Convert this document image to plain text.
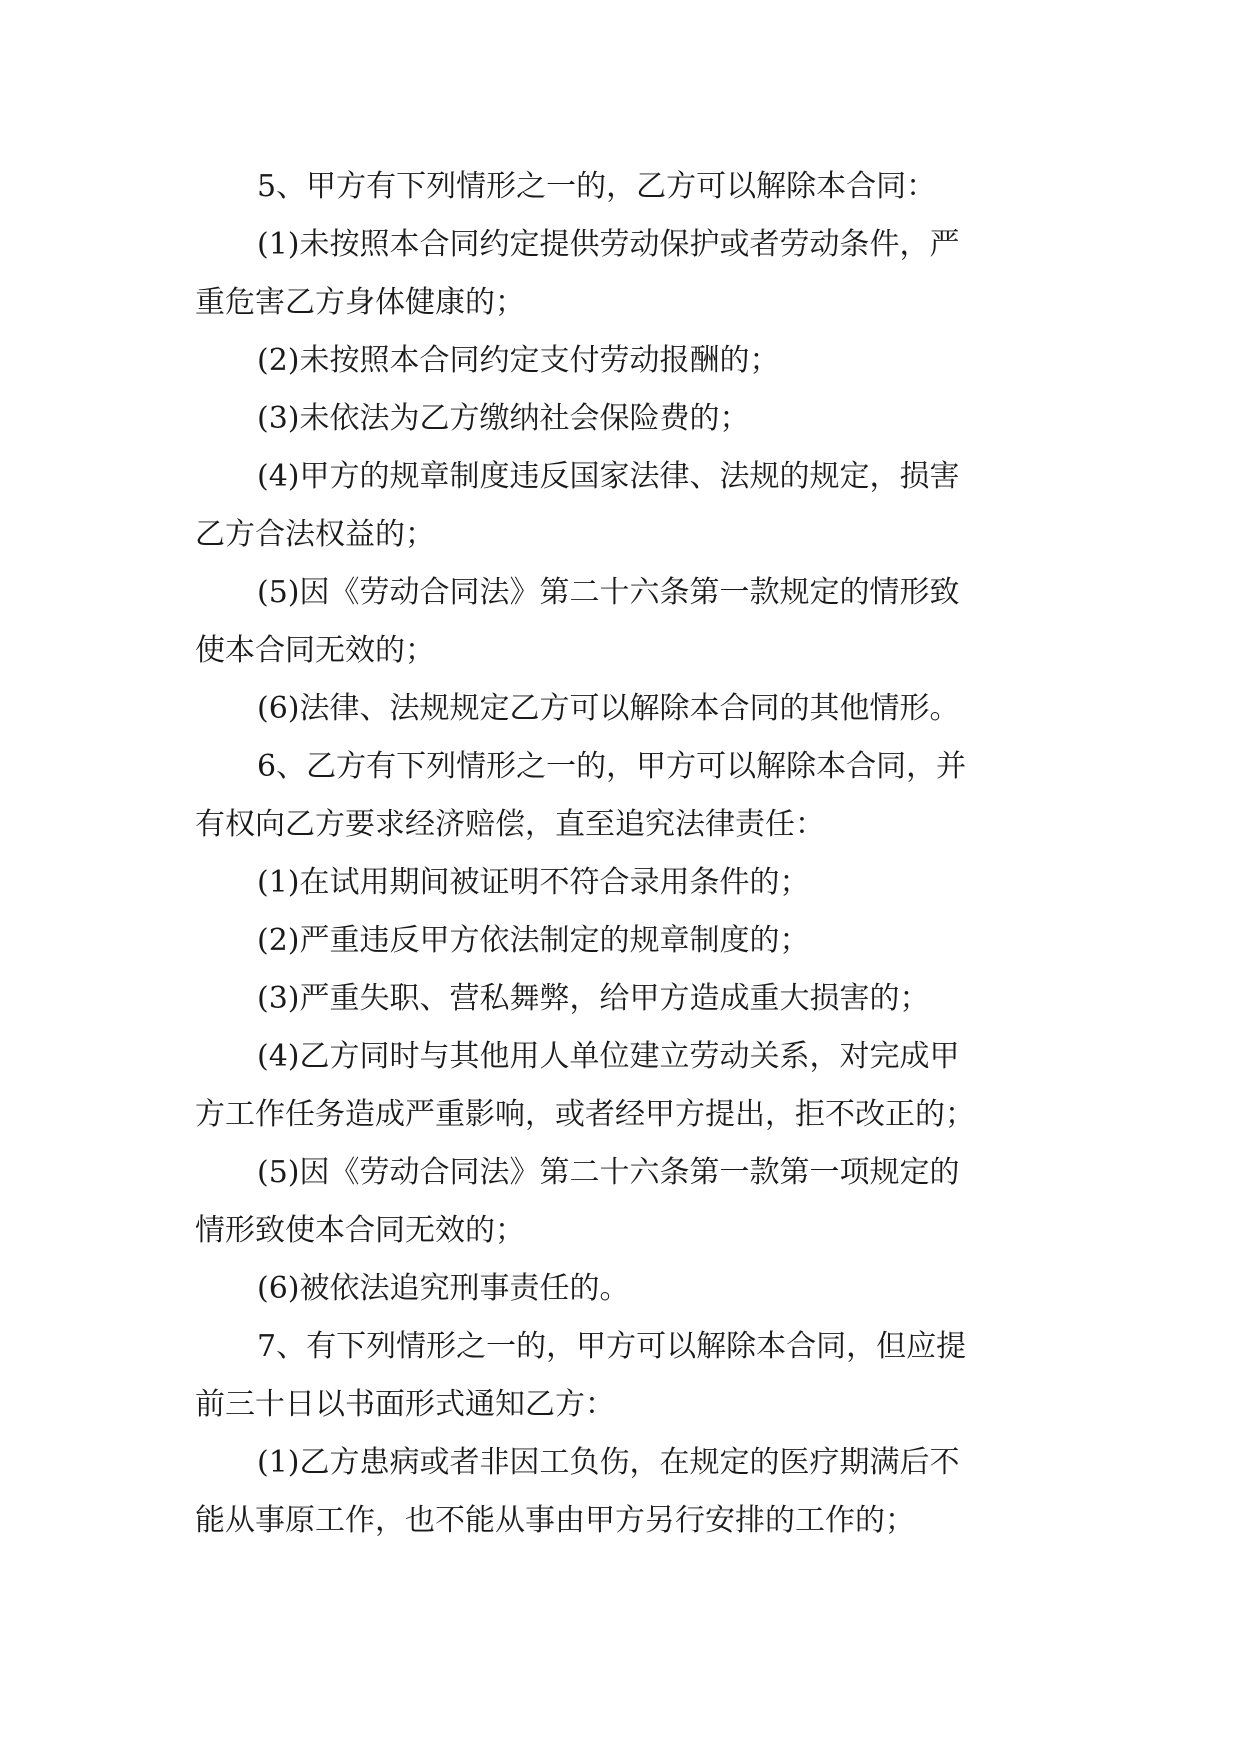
5、甲方有下列情形之一的，乙方可以解除本合同：
(1)未按照本合同约定提供劳动保护或者劳动条件，严
重危害乙方身体健康的；
(2)未按照本合同约定支付劳动报酬的；
(3)未依法为乙方缴纳社会保险费的；
(4)甲方的规章制度违反国家法律、法规的规定，损害
乙方合法权益的；
(5)因《劳动合同法》第二十六条第一款规定的情形致
使本合同无效的；
(6)法律、法规规定乙方可以解除本合同的其他情形。
6、乙方有下列情形之一的，甲方可以解除本合同，并
有权向乙方要求经济赔偿，直至追究法律责任：
(1)在试用期间被证明不符合录用条件的；
(2)严重违反甲方依法制定的规章制度的；
(3)严重失职、营私舞弊，给甲方造成重大损害的；
(4)乙方同时与其他用人单位建立劳动关系，对完成甲
方工作任务造成严重影响，或者经甲方提出，拒不改正的；
(5)因《劳动合同法》第二十六条第一款第一项规定的
情形致使本合同无效的；
(6)被依法追究刑事责任的。
7、有下列情形之一的，甲方可以解除本合同，但应提
前三十日以书面形式通知乙方：
(1)乙方患病或者非因工负伤，在规定的医疗期满后不
能从事原工作，也不能从事由甲方另行安排的工作的；
